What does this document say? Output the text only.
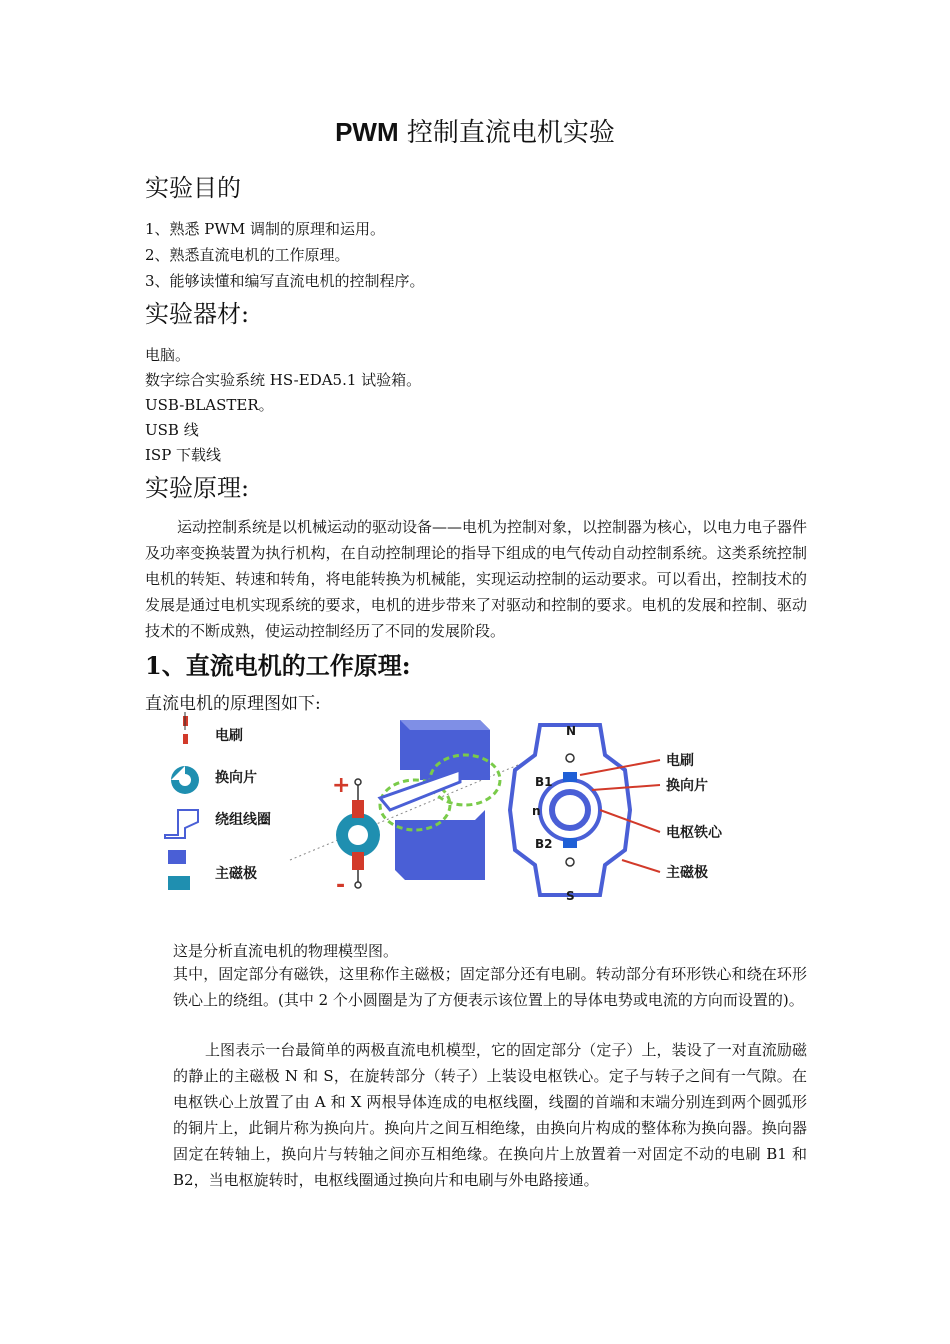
PWM 控制直流电机实验
实验目的
1、熟悉 PWM 调制的原理和运用。
2、熟悉直流电机的工作原理。
3、能够读懂和编写直流电机的控制程序。
实验器材:
电脑。
数字综合实验系统 HS-EDA5.1 试验箱。
USB-BLASTER。
USB 线
ISP 下载线
实验原理:
运动控制系统是以机械运动的驱动设备——电机为控制对象，以控制器为核心，以电力电子器件及功率变换装置为执行机构，在自动控制理论的指导下组成的电气传动自动控制系统。这类系统控制电机的转矩、转速和转角，将电能转换为机械能，实现运动控制的运动要求。可以看出，控制技术的发展是通过电机实现系统的要求，电机的进步带来了对驱动和控制的要求。电机的发展和控制、驱动技术的不断成熟，使运动控制经历了不同的发展阶段。
1、直流电机的工作原理:
直流电机的原理图如下:
电刷
换向片
绕组线圈
主磁极
+
-
N
S
B1
B2
n
电刷
换向片
电枢铁心
主磁极
这是分析直流电机的物理模型图。
其中，固定部分有磁铁，这里称作主磁极；固定部分还有电刷。转动部分有环形铁心和绕在环形铁心上的绕组。(其中 2 个小圆圈是为了方便表示该位置上的导体电势或电流的方向而设置的)。
上图表示一台最简单的两极直流电机模型，它的固定部分（定子）上，装设了一对直流励磁的静止的主磁极 N 和 S，在旋转部分（转子）上装设电枢铁心。定子与转子之间有一气隙。在电枢铁心上放置了由 A 和 X 两根导体连成的电枢线圈，线圈的首端和末端分别连到两个圆弧形的铜片上，此铜片称为换向片。换向片之间互相绝缘，由换向片构成的整体称为换向器。换向器固定在转轴上，换向片与转轴之间亦互相绝缘。在换向片上放置着一对固定不动的电刷 B1 和 B2，当电枢旋转时，电枢线圈通过换向片和电刷与外电路接通。
